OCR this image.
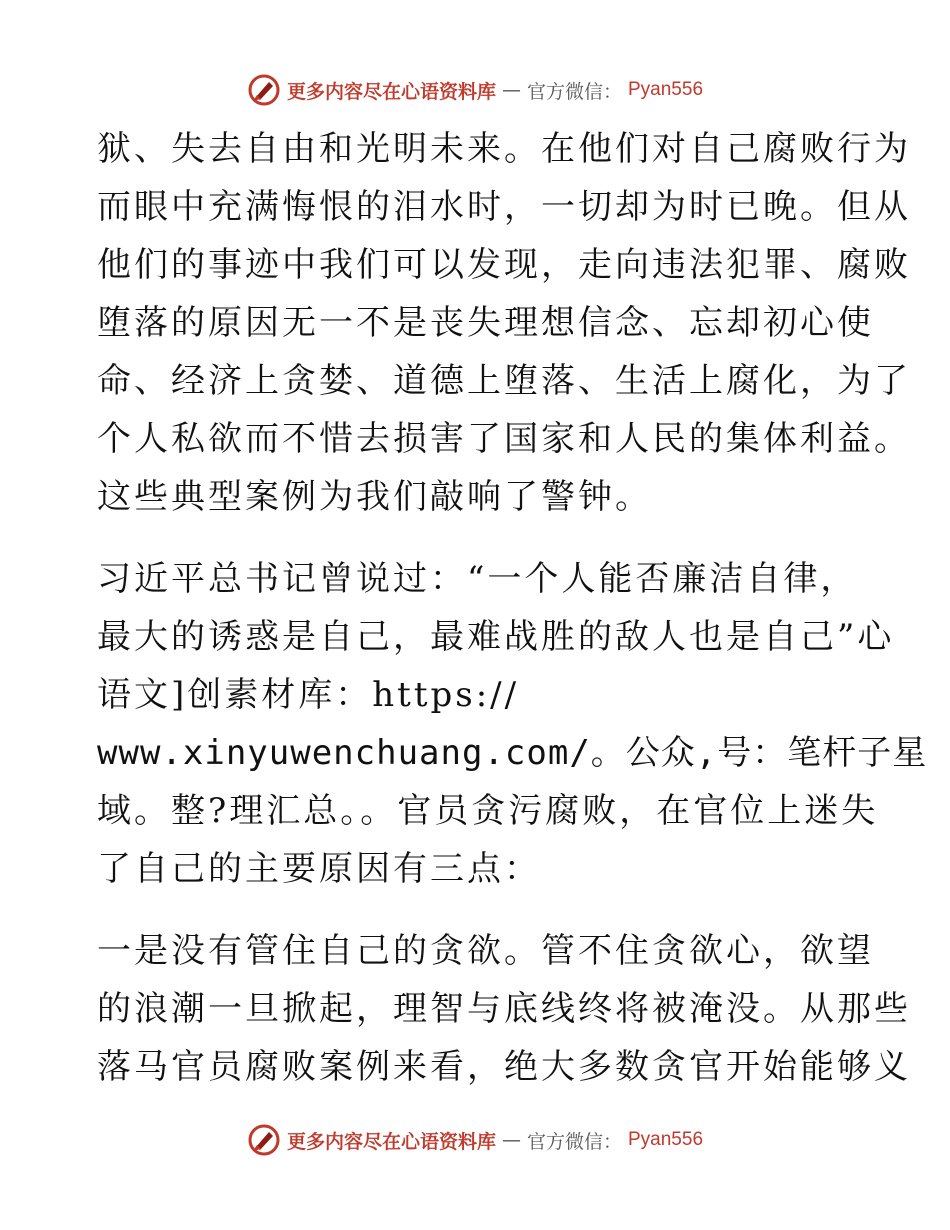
更多内容尽在心语资料库 — 官方微信： Pyan556
狱、失去自由和光明未来。在他们对自己腐败行为
而眼中充满悔恨的泪水时，一切却为时已晚。但从
他们的事迹中我们可以发现，走向违法犯罪、腐败
堕落的原因无一不是丧失理想信念、忘却初心使
命、经济上贪婪、道德上堕落、生活上腐化，为了
个人私欲而不惜去损害了国家和人民的集体利益。
这些典型案例为我们敲响了警钟。
习近平总书记曾说过：“一个人能否廉洁自律，
最大的诱惑是自己，最难战胜的敌人也是自己”心
语文]创素材库：https://
www.xinyuwenchuang.com/。公众,号：笔杆子星
域。整?理汇总。。官员贪污腐败，在官位上迷失
了自己的主要原因有三点：
一是没有管住自己的贪欲。管不住贪欲心，欲望
的浪潮一旦掀起，理智与底线终将被淹没。从那些
落马官员腐败案例来看，绝大多数贪官开始能够义
更多内容尽在心语资料库 — 官方微信： Pyan556
